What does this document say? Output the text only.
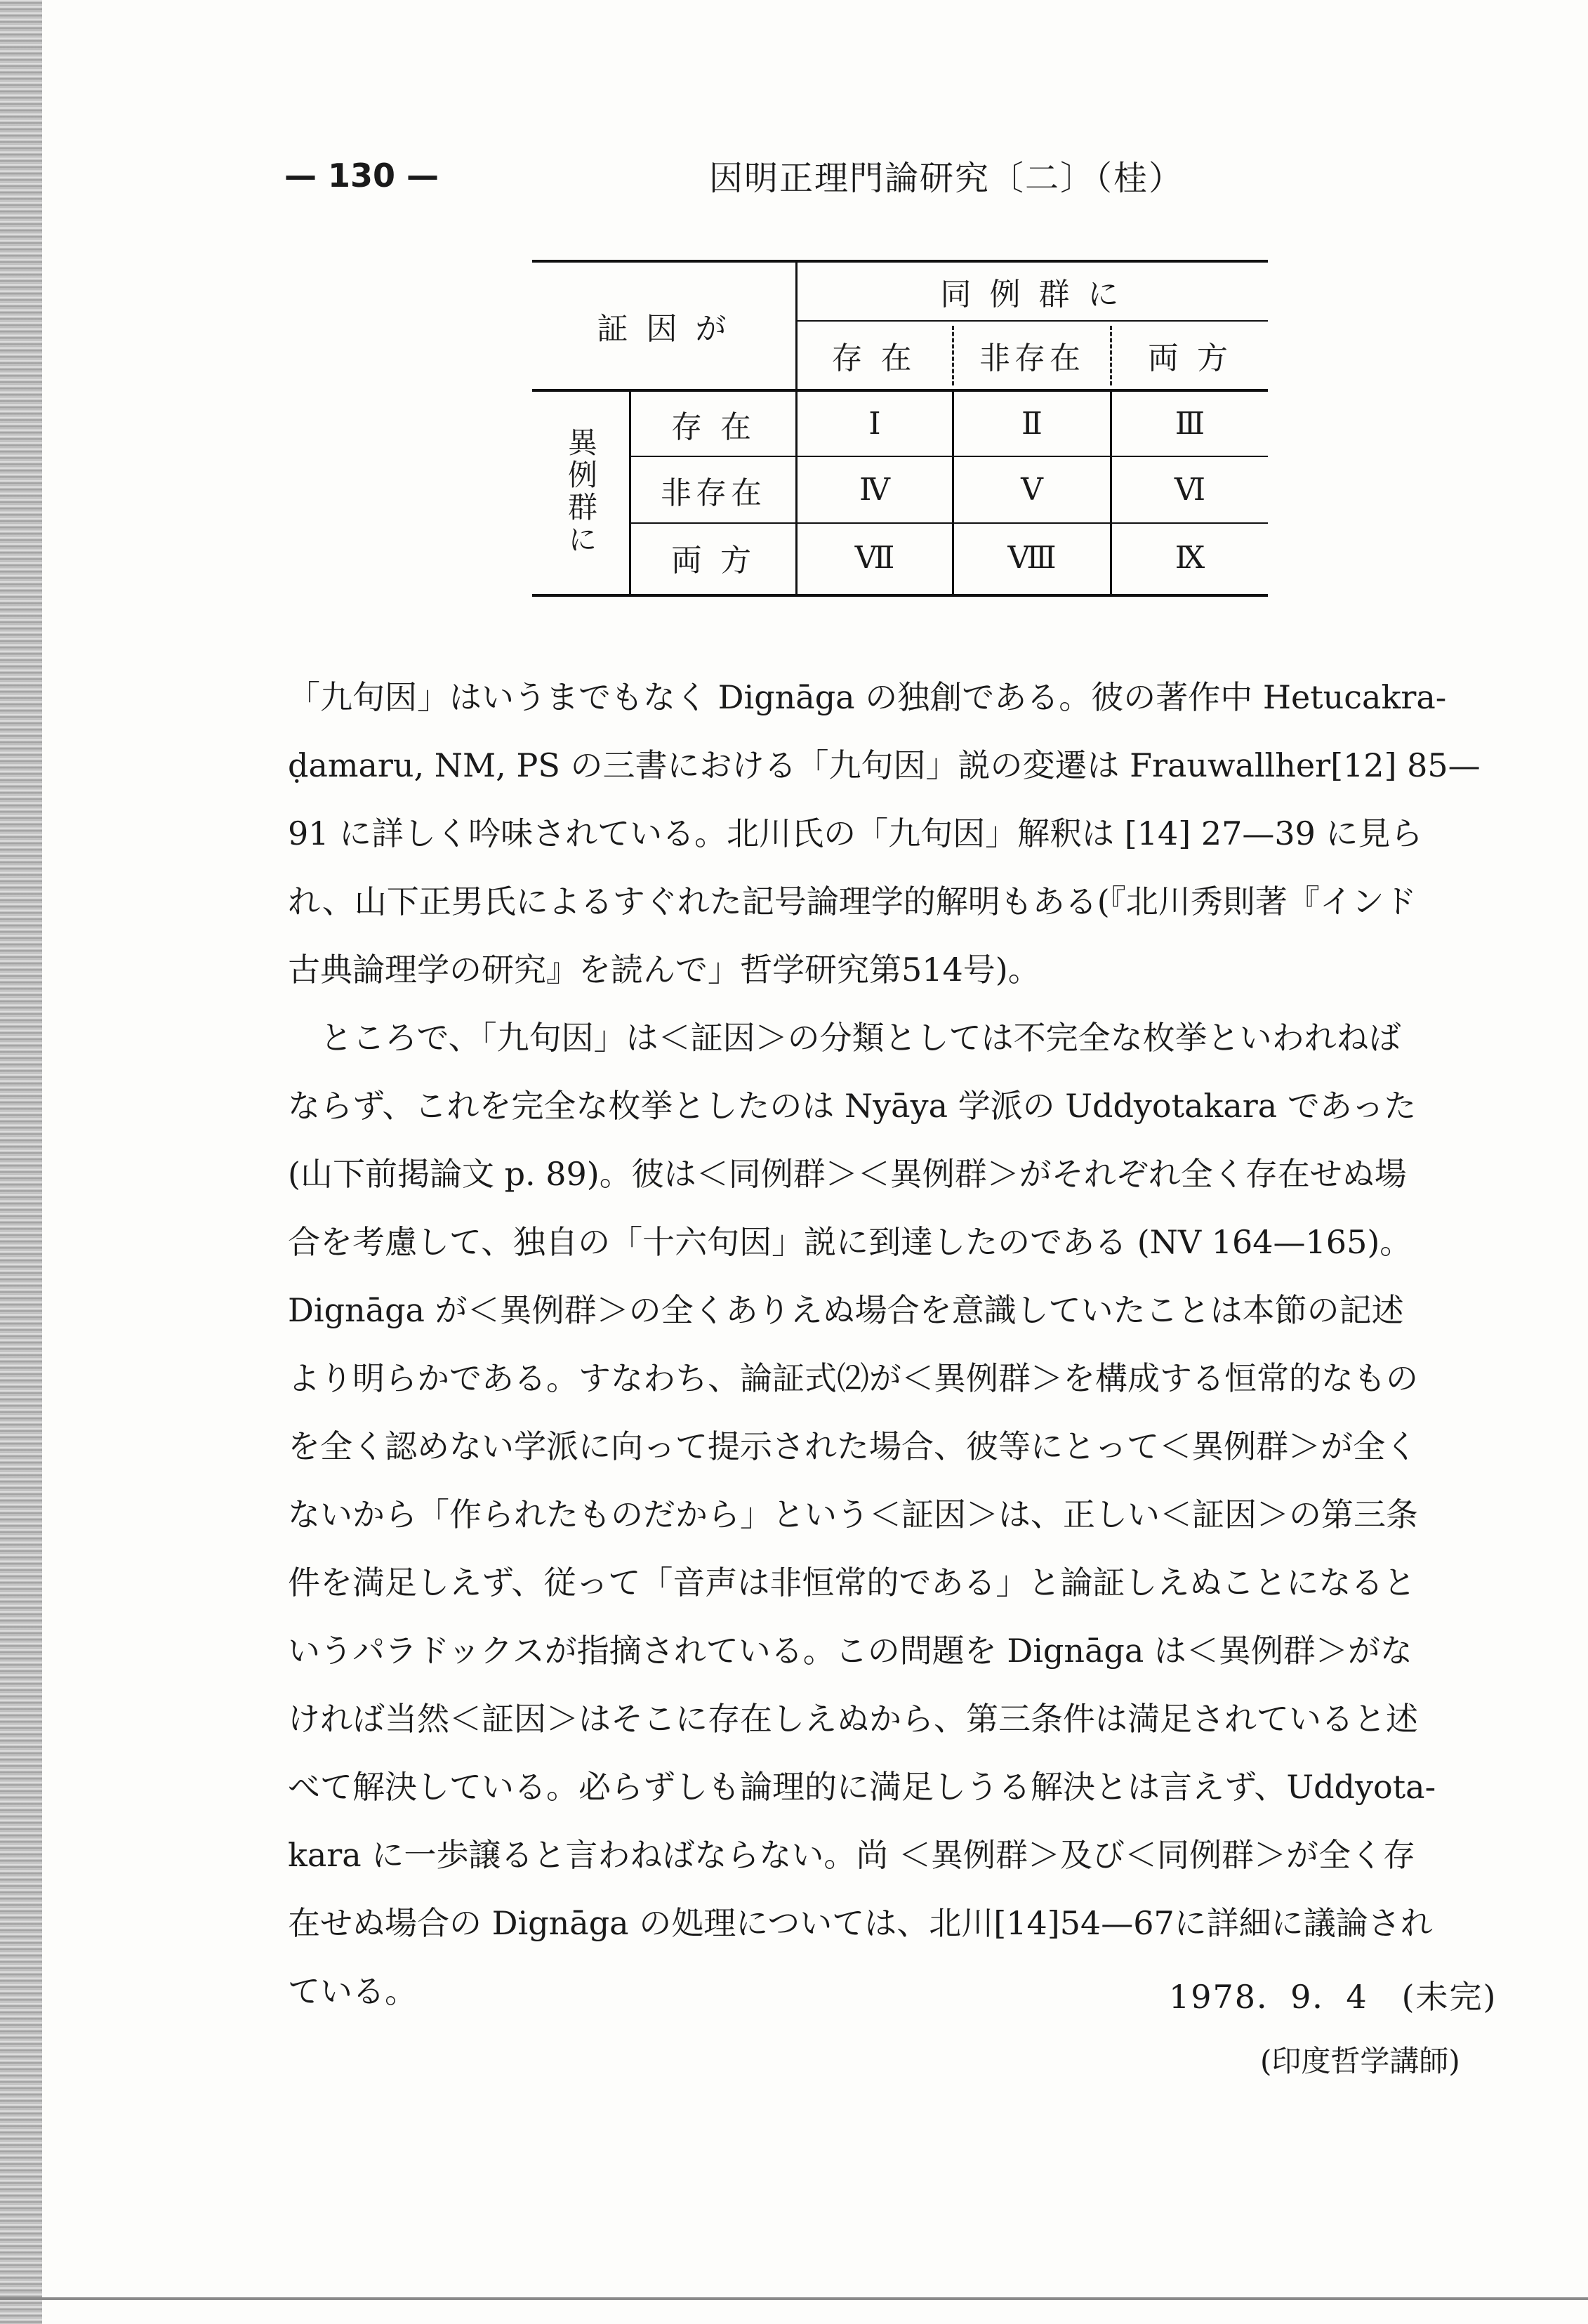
— 130 —	因明正理門論研究〔二〕（桂）
証 因 が
同 例 群 に
存 在	非存在	両 方
異例群に	存 在	Ⅰ	Ⅱ	Ⅲ
非存在	Ⅳ	Ⅴ	Ⅵ
両 方	Ⅶ	Ⅷ	Ⅸ

「九句因」はいうまでもなく Dignāga の独創である。彼の著作中 Hetucakra-

ḍamaru, NM, PS の三書における「九句因」説の変遷は Frauwallher[12] 85—

91 に詳しく吟味されている。北川氏の「九句因」解釈は [14] 27—39 に見ら

れ、山下正男氏によるすぐれた記号論理学的解明もある(『北川秀則著『インド

古典論理学の研究』を読んで」哲学研究第514号)。

ところで、「九句因」は＜証因＞の分類としては不完全な枚挙といわれねば

ならず、これを完全な枚挙としたのは Nyāya 学派の Uddyotakara であった

(山下前掲論文 p. 89)。彼は＜同例群＞＜異例群＞がそれぞれ全く存在せぬ場

合を考慮して、独自の「十六句因」説に到達したのである (NV 164—165)。

Dignāga が＜異例群＞の全くありえぬ場合を意識していたことは本節の記述

より明らかである。すなわち、論証式⑵が＜異例群＞を構成する恒常的なもの

を全く認めない学派に向って提示された場合、彼等にとって＜異例群＞が全く

ないから「作られたものだから」という＜証因＞は、正しい＜証因＞の第三条

件を満足しえず、従って「音声は非恒常的である」と論証しえぬことになると

いうパラドックスが指摘されている。この問題を Dignāga は＜異例群＞がな

ければ当然＜証因＞はそこに存在しえぬから、第三条件は満足されていると述

べて解決している。必らずしも論理的に満足しうる解決とは言えず、Uddyota-

kara に一歩譲ると言わねばならない。尚 ＜異例群＞及び＜同例群＞が全く存

在せぬ場合の Dignāga の処理については、北川[14]54—67に詳細に議論され

ている。	1978．9．4　(未完)
(印度哲学講師)
